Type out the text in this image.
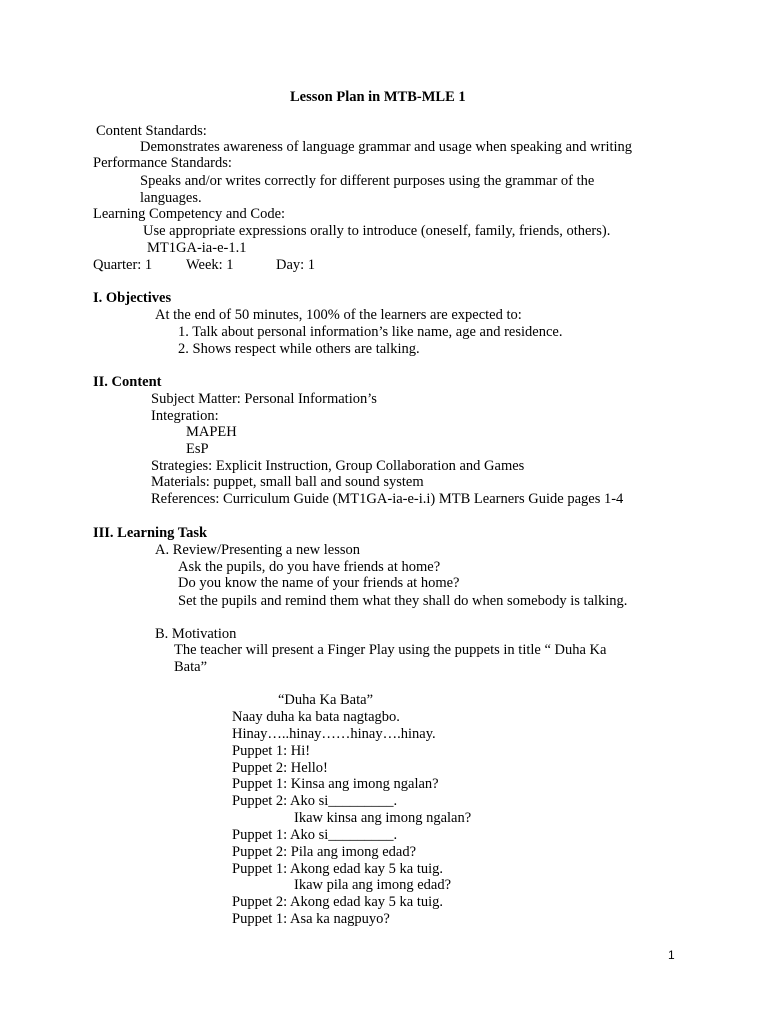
Lesson Plan in MTB-MLE 1
Content Standards:
Demonstrates awareness of language grammar and usage when speaking and writing
Performance Standards:
Speaks and/or writes correctly for different purposes using the grammar of the
languages.
Learning Competency and Code:
Use appropriate expressions orally to introduce (oneself, family, friends, others).
MT1GA-ia-e-1.1
Quarter: 1 Week: 1	Day: 1
I. Objectives
At the end of 50 minutes, 100% of the learners are expected to:
1. Talk about personal information’s like name, age and residence.
2. Shows respect while others are talking.
II. Content
Subject Matter: Personal Information’s
Integration:
MAPEH
EsP
Strategies: Explicit Instruction, Group Collaboration and Games
Materials: puppet, small ball and sound system
References: Curriculum Guide (MT1GA-ia-e-i.i) MTB Learners Guide pages 1-4
III. Learning Task
A. Review/Presenting a new lesson
Ask the pupils, do you have friends at home?
Do you know the name of your friends at home?
Set the pupils and remind them what they shall do when somebody is talking.
B. Motivation
The teacher will present a Finger Play using the puppets in title “ Duha Ka
Bata”
“Duha Ka Bata”
Naay duha ka bata nagtagbo.
Hinay…..hinay……hinay….hinay.
Puppet 1: Hi!
Puppet 2: Hello!
Puppet 1: Kinsa ang imong ngalan?
Puppet 2: Ako si_________.
Ikaw kinsa ang imong ngalan?
Puppet 1: Ako si_________.
Puppet 2: Pila ang imong edad?
Puppet 1: Akong edad kay 5 ka tuig.
Ikaw pila ang imong edad?
Puppet 2: Akong edad kay 5 ka tuig.
Puppet 1: Asa ka nagpuyo?
1
